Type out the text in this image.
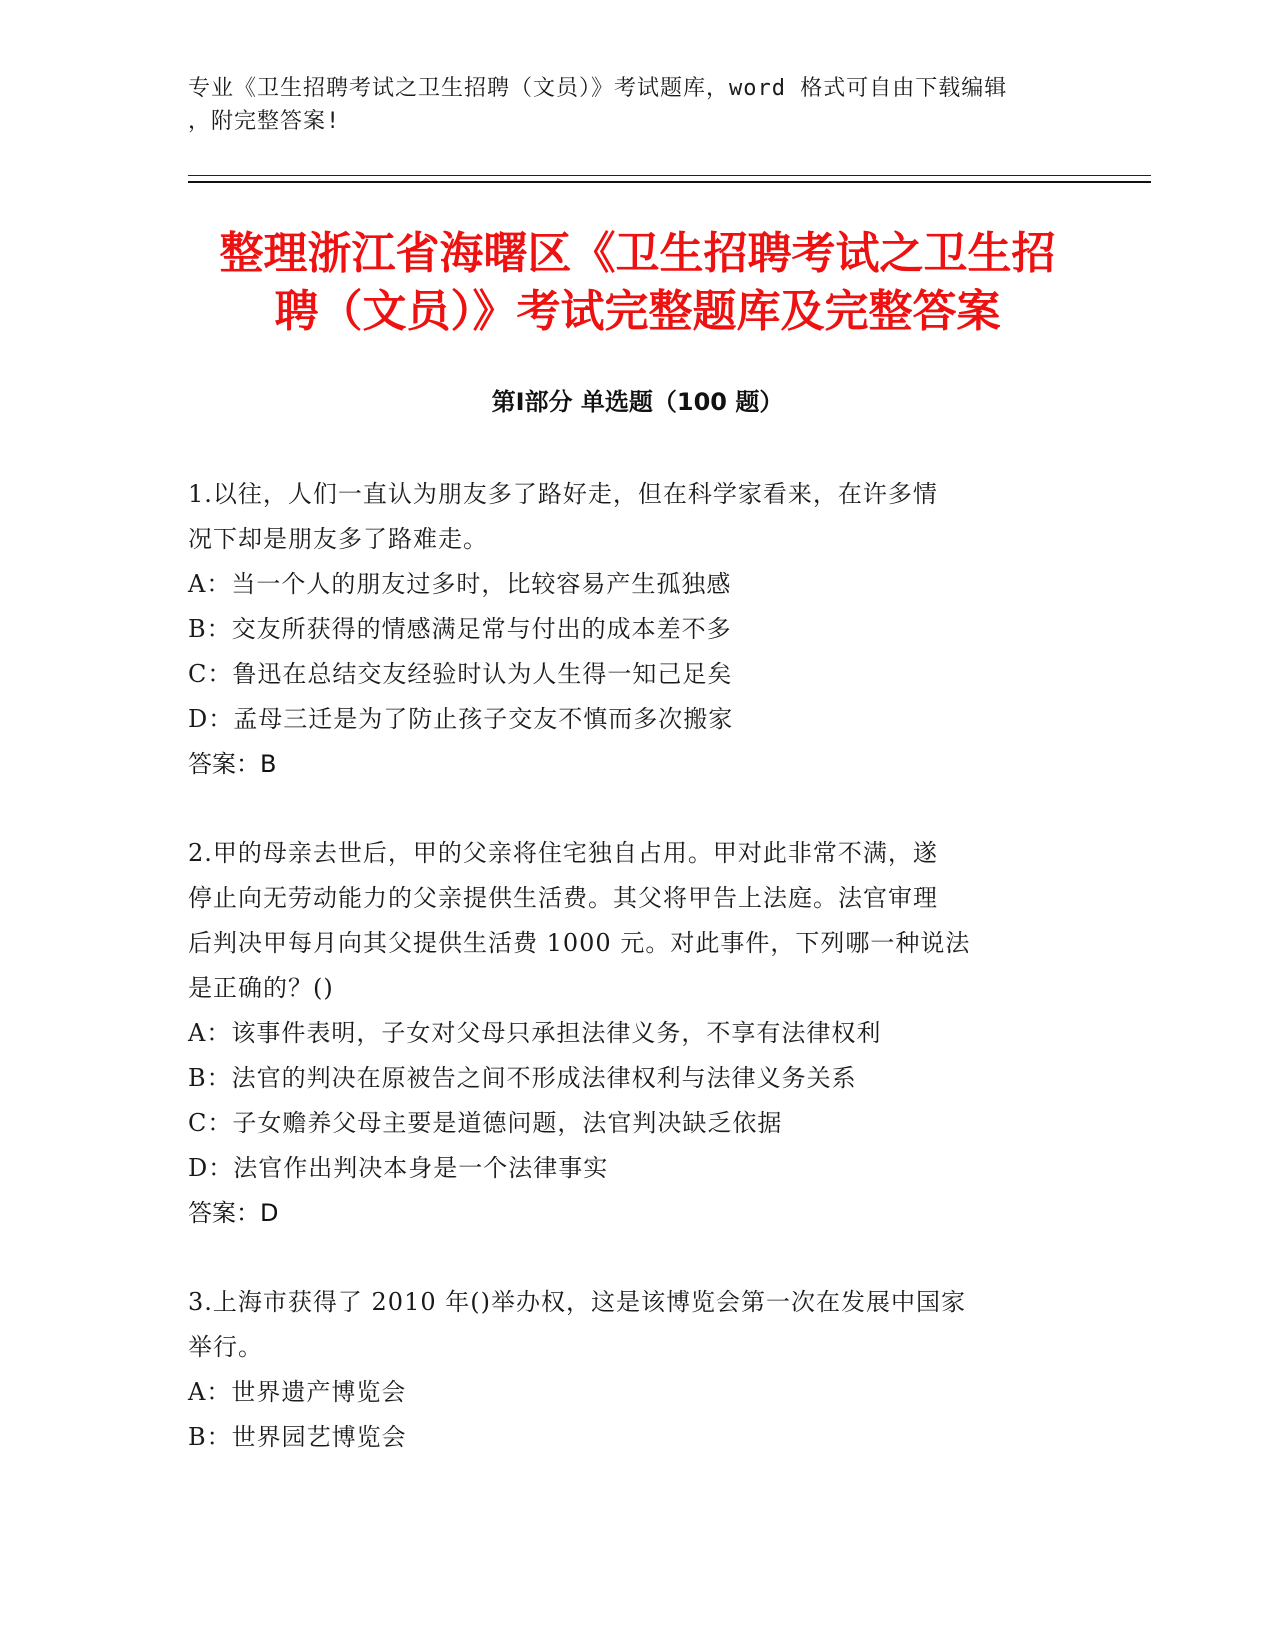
专业《卫生招聘考试之卫生招聘（文员）》考试题库，word 格式可自由下载编辑
，附完整答案!
整理浙江省海曙区《卫生招聘考试之卫生招
聘（文员）》考试完整题库及完整答案
第Ⅰ部分 单选题（100 题）

1.以往，人们一直认为朋友多了路好走，但在科学家看来，在许多情

况下却是朋友多了路难走。

A：当一个人的朋友过多时，比较容易产生孤独感

B：交友所获得的情感满足常与付出的成本差不多

C：鲁迅在总结交友经验时认为人生得一知己足矣

D：孟母三迁是为了防止孩子交友不慎而多次搬家

答案：B

2.甲的母亲去世后，甲的父亲将住宅独自占用。甲对此非常不满，遂

停止向无劳动能力的父亲提供生活费。其父将甲告上法庭。法官审理

后判决甲每月向其父提供生活费 1000 元。对此事件，下列哪一种说法

是正确的？()

A：该事件表明，子女对父母只承担法律义务，不享有法律权利

B：法官的判决在原被告之间不形成法律权利与法律义务关系

C：子女赡养父母主要是道德问题，法官判决缺乏依据

D：法官作出判决本身是一个法律事实

答案：D

3.上海市获得了 2010 年()举办权，这是该博览会第一次在发展中国家

举行。

A：世界遗产博览会

B：世界园艺博览会
